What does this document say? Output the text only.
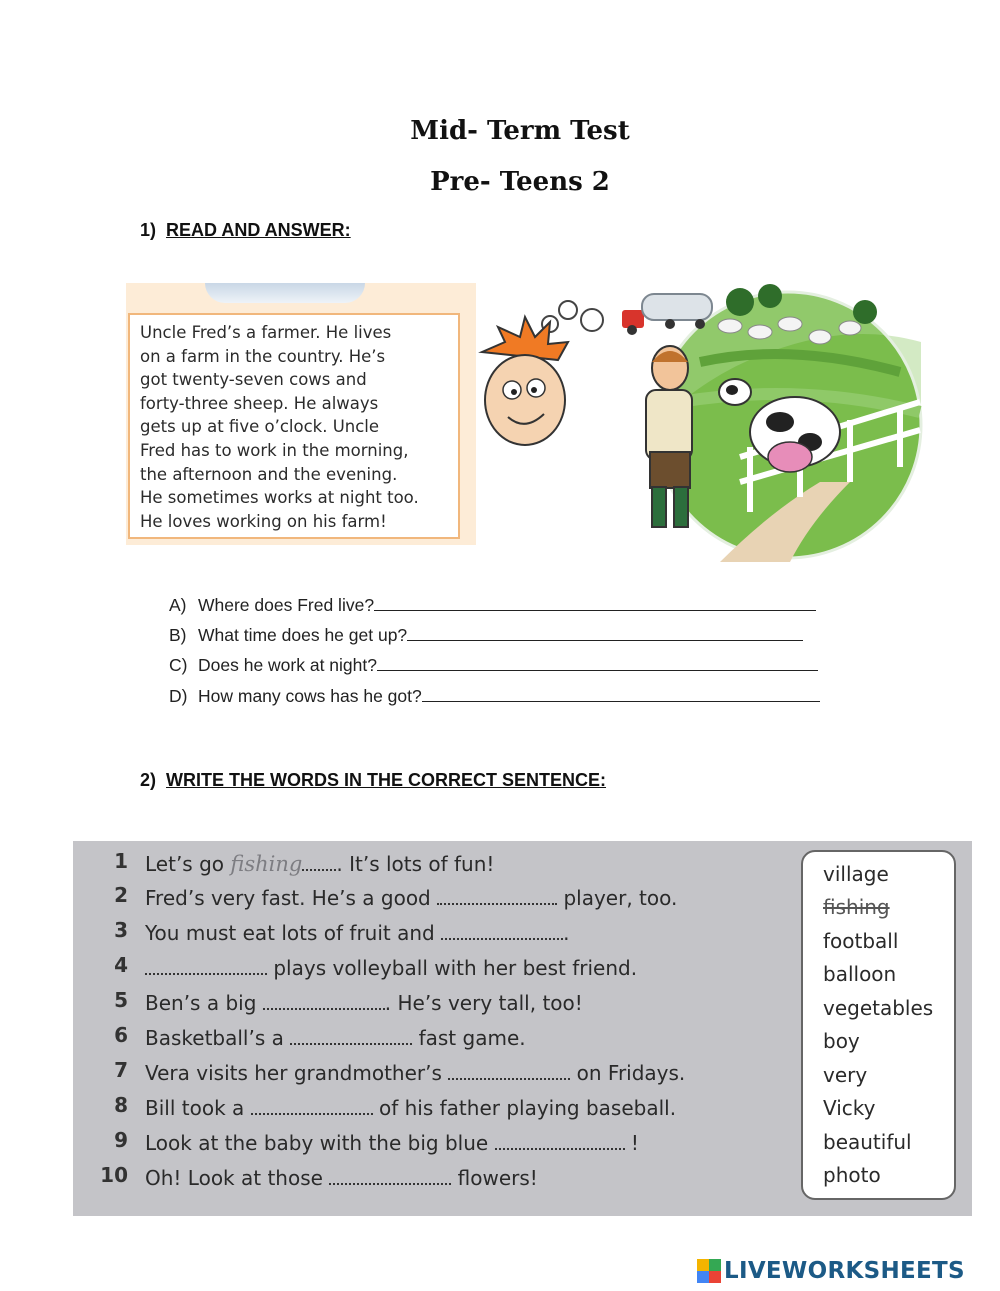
Mid- Term Test
Pre- Teens 2
1) READ AND ANSWER:
Uncle Fred’s a farmer. He lives
on a farm in the country. He’s
got twenty-seven cows and
forty-three sheep. He always
gets up at five o’clock. Uncle
Fred has to work in the morning,
the afternoon and the evening.
He sometimes works at night too.
He loves working on his farm!
A) Where does Fred live?
B) What time does he get up?
C) Does he work at night?
D) How many cows has he got?
2) WRITE THE WORDS IN THE CORRECT SENTENCE:
1 Let’s go fishing . It’s lots of fun!
2 Fred’s very fast. He’s a good	player, too.
3 You must eat lots of fruit and	.
4	plays volleyball with her best friend.
5 Ben’s a big	. He’s very tall, too!
6 Basketball’s a	fast game.
7 Vera visits her grandmother’s	on Fridays.
8 Bill took a	of his father playing baseball.
9 Look at the baby with the big blue	!
10 Oh! Look at those	flowers!
village
fishing
football
balloon
vegetables
boy
very
Vicky
beautiful
photo
LIVEWORKSHEETS
